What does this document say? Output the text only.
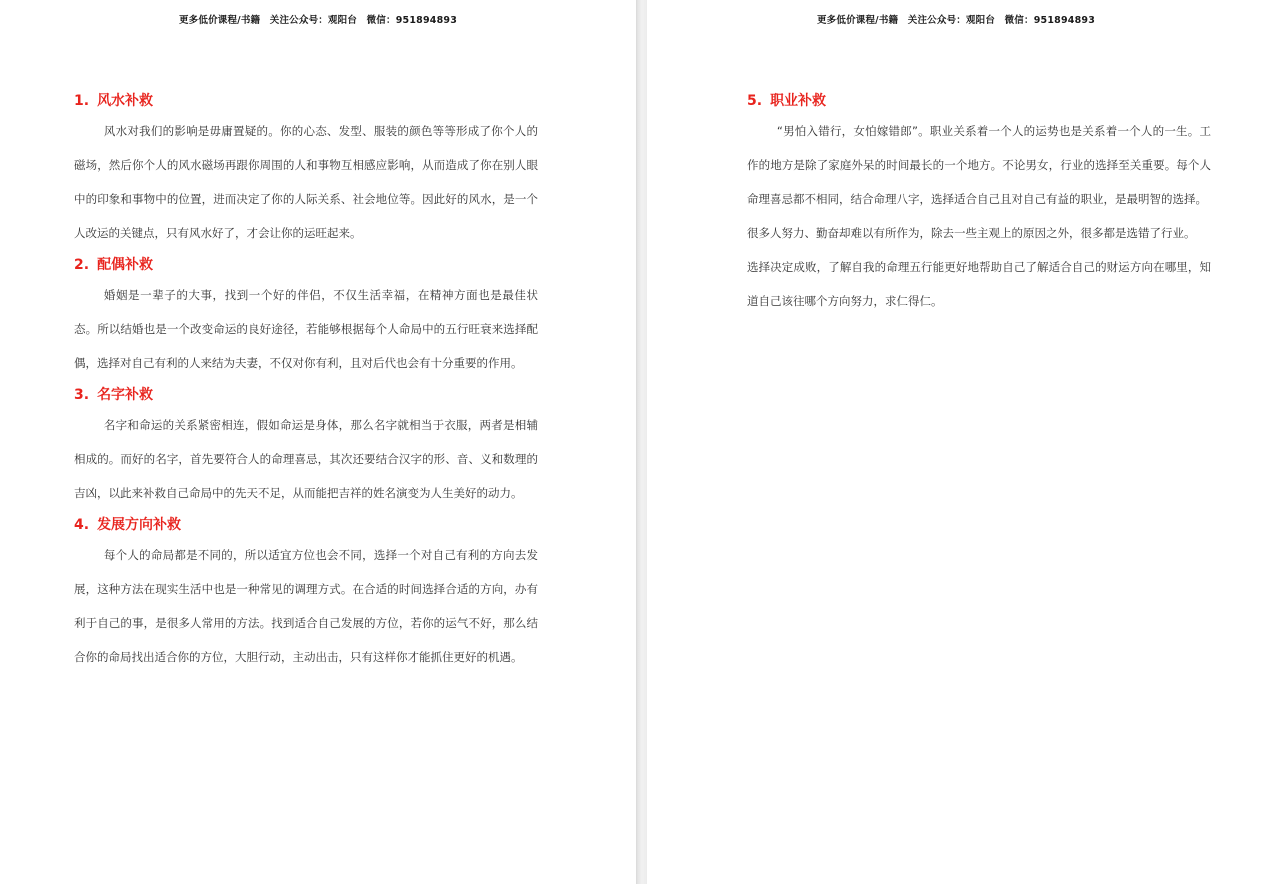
更多低价课程/书籍 关注公众号：观阳台 微信：951894893
1. 风水补救

风水对我们的影响是毋庸置疑的。你的心态、发型、服装的颜色等等形成了你个人的磁场，然后你个人的风水磁场再跟你周围的人和事物互相感应影响，从而造成了你在别人眼中的印象和事物中的位置，进而决定了你的人际关系、社会地位等。因此好的风水，是一个人改运的关键点，只有风水好了，才会让你的运旺起来。

2. 配偶补救

婚姻是一辈子的大事，找到一个好的伴侣，不仅生活幸福，在精神方面也是最佳状态。所以结婚也是一个改变命运的良好途径，若能够根据每个人命局中的五行旺衰来选择配偶，选择对自己有利的人来结为夫妻，不仅对你有利，且对后代也会有十分重要的作用。

3. 名字补救

名字和命运的关系紧密相连，假如命运是身体，那么名字就相当于衣服，两者是相辅相成的。而好的名字，首先要符合人的命理喜忌，其次还要结合汉字的形、音、义和数理的吉凶，以此来补救自己命局中的先天不足，从而能把吉祥的姓名演变为人生美好的动力。

4. 发展方向补救

每个人的命局都是不同的，所以适宜方位也会不同，选择一个对自己有利的方向去发展，这种方法在现实生活中也是一种常见的调理方式。在合适的时间选择合适的方向，办有利于自己的事，是很多人常用的方法。找到适合自己发展的方位，若你的运气不好，那么结合你的命局找出适合你的方位，大胆行动，主动出击，只有这样你才能抓住更好的机遇。

更多低价课程/书籍 关注公众号：观阳台 微信：951894893
5. 职业补救

“男怕入错行，女怕嫁错郎”。职业关系着一个人的运势也是关系着一个人的一生。工作的地方是除了家庭外呆的时间最长的一个地方。不论男女，行业的选择至关重要。每个人命理喜忌都不相同，结合命理八字，选择适合自己且对自己有益的职业，是最明智的选择。

很多人努力、勤奋却难以有所作为，除去一些主观上的原因之外，很多都是选错了行业。

选择决定成败，了解自我的命理五行能更好地帮助自己了解适合自己的财运方向在哪里，知道自己该往哪个方向努力，求仁得仁。
